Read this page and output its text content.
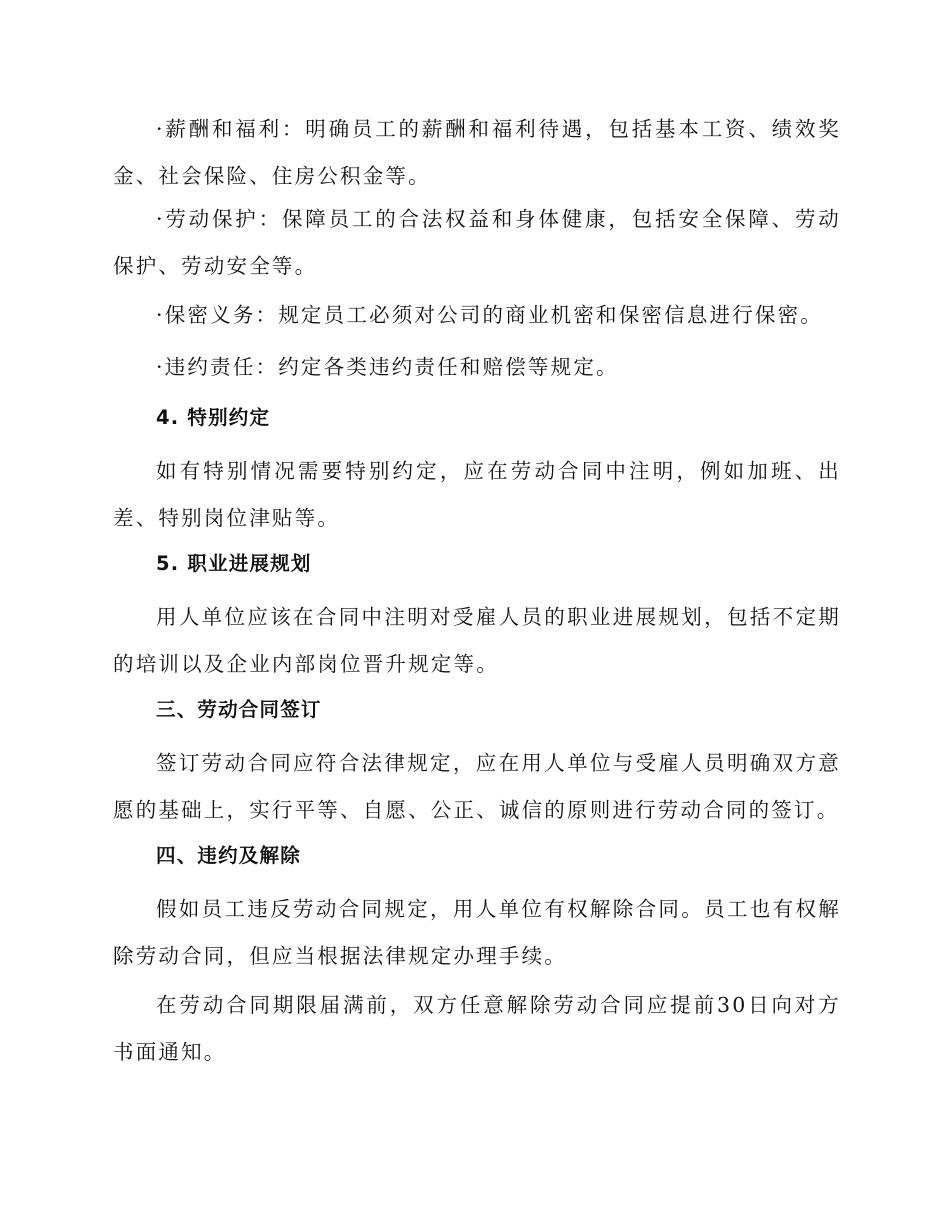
·薪酬和福利：明确员工的薪酬和福利待遇，包括基本工资、绩效奖金、社会保险、住房公积金等。

·劳动保护：保障员工的合法权益和身体健康，包括安全保障、劳动保护、劳动安全等。

·保密义务：规定员工必须对公司的商业机密和保密信息进行保密。

·违约责任：约定各类违约责任和赔偿等规定。

4. 特别约定

如有特别情况需要特别约定，应在劳动合同中注明，例如加班、出差、特别岗位津贴等。

5. 职业进展规划

用人单位应该在合同中注明对受雇人员的职业进展规划，包括不定期的培训以及企业内部岗位晋升规定等。

三、劳动合同签订

签订劳动合同应符合法律规定，应在用人单位与受雇人员明确双方意愿的基础上，实行平等、自愿、公正、诚信的原则进行劳动合同的签订。

四、违约及解除

假如员工违反劳动合同规定，用人单位有权解除合同。员工也有权解除劳动合同，但应当根据法律规定办理手续。

在劳动合同期限届满前，双方任意解除劳动合同应提前30日向对方书面通知。
